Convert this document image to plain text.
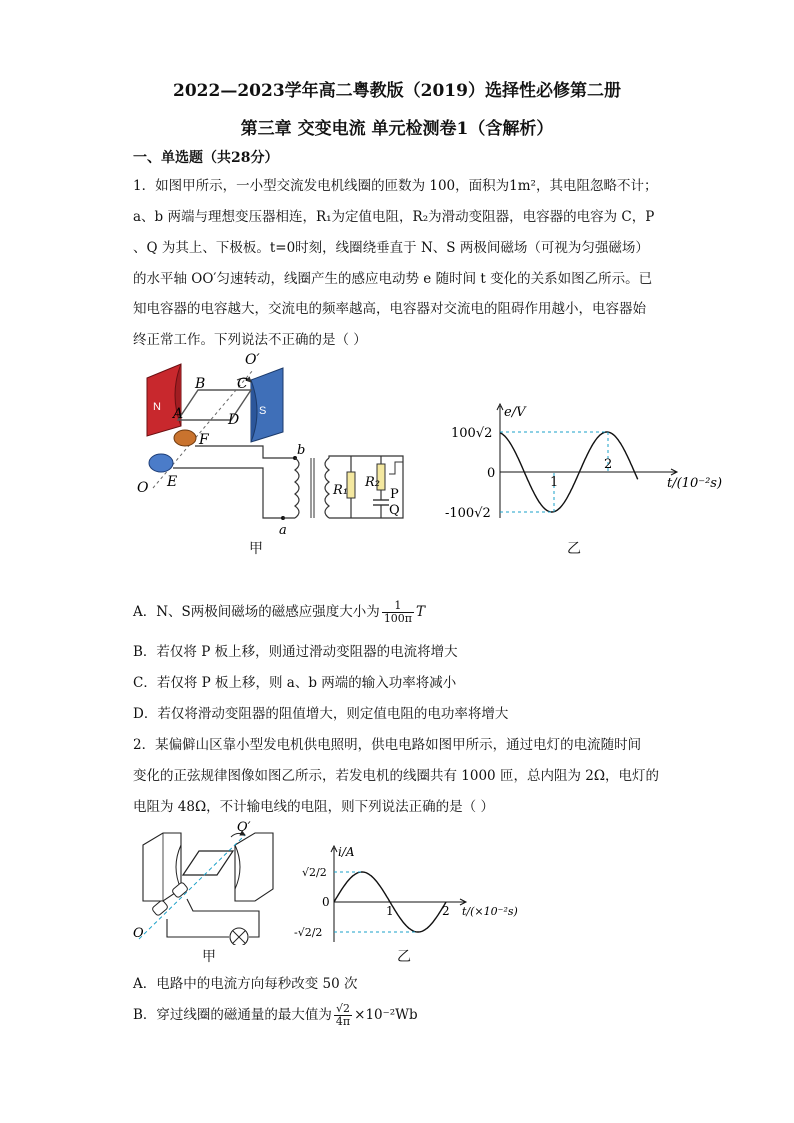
2022—2023学年高二粤教版（2019）选择性必修第二册
第三章 交变电流 单元检测卷1（含解析）
一、单选题（共28分）
1．如图甲所示，一小型交流发电机线圈的匝数为 100，面积为1m²，其电阻忽略不计；
a、b 两端与理想变压器相连，R₁为定值电阻，R₂为滑动变阻器，电容器的电容为 C，P
、Q 为其上、下极板。t=0时刻，线圈绕垂直于 N、S 两极间磁场（可视为匀强磁场）
的水平轴 OO′匀速转动，线圈产生的感应电动势 e 随时间 t 变化的关系如图乙所示。已
知电容器的电容越大，交流电的频率越高，电容器对交流电的阻碍作用越小，电容器始
终正常工作。下列说法不正确的是（ ）
N	S
O′
C
B
A	D
F
E
O
b
a
R₁
R₂
P
Q
甲
1
2
100√2
0
-100√2
e/V
t/(10⁻²s)
乙
A．N、S两极间磁场的磁感应强度大小为 $\frac{1}{100\pi}$ T
B．若仅将 P 板上移，则通过滑动变阻器的电流将增大
C．若仅将 P 板上移，则 a、b 两端的输入功率将减小
D．若仅将滑动变阻器的阻值增大，则定值电阻的电功率将增大
2．某偏僻山区靠小型发电机供电照明，供电电路如图甲所示，通过电灯的电流随时间
变化的正弦规律图像如图乙所示，若发电机的线圈共有 1000 匝，总内阻为 2Ω，电灯的
电阻为 48Ω，不计输电线的电阻，则下列说法正确的是（ ）
O′
O
甲
1	2
√2/2
0
-√2/2
i/A
t/(×10⁻²s)
乙
A．电路中的电流方向每秒改变 50 次
B．穿过线圈的磁通量的最大值为 $\frac{√2}{4\pi} \times 10^{-2}Wb$
